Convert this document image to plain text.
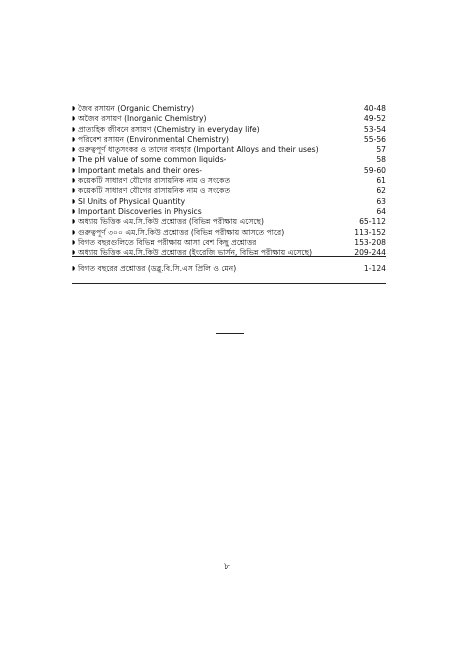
◗ জৈব রসায়ন (Organic Chemistry)	40-48
◗ অজৈব রসায়ণ (Inorganic Chemistry)	49-52
◗ প্রাত্যহিক জীবনে রসায়ণ (Chemistry in everyday life)	53-54
◗ পরিবেশ রসায়ন (Environmental Chemistry)	55-56
◗ গুরুত্বপূর্ণ ধাতুসংকর ও তাদের ব্যবহার (Important Alloys and their uses)	57
◗ The pH value of some common liquids-	58
◗ Important metals and their ores-	59-60
◗ কয়েকটি সাধারণ যৌগের রাসায়নিক নাম ও সংকেত	61
◗ কয়েকটি সাধারণ যৌগের রাসায়নিক নাম ও সংকেত	62
◗ SI Units of Physical Quantity	63
◗ Important Discoveries in Physics	64
◗ অধ্যায় ভিত্তিক এম.সি.কিউ প্রশ্নোত্তর (বিভিন্ন পরীক্ষায় এসেছে)	65-112
◗ গুরুত্বপূর্ণ ৩০০ এম.সি.কিউ প্রশ্নোত্তর (বিভিন্ন পরীক্ষায় আসতে পারে)	113-152
◗ বিগত বছরগুলিতে বিভিন্ন পরীক্ষায় আসা বেশ কিছু প্রশ্নোত্তর	153-208
◗ অধ্যায় ভিত্তিক এম.সি.কিউ প্রশ্নোত্তর (ইংরেজি ভার্সন, বিভিন্ন পরীক্ষায় এসেছে)	209-244
◗ বিগত বছরের প্রশ্নোত্তর (ডব্লু.বি.সি.এস প্রিলি ও মেন)	1-124
৮
